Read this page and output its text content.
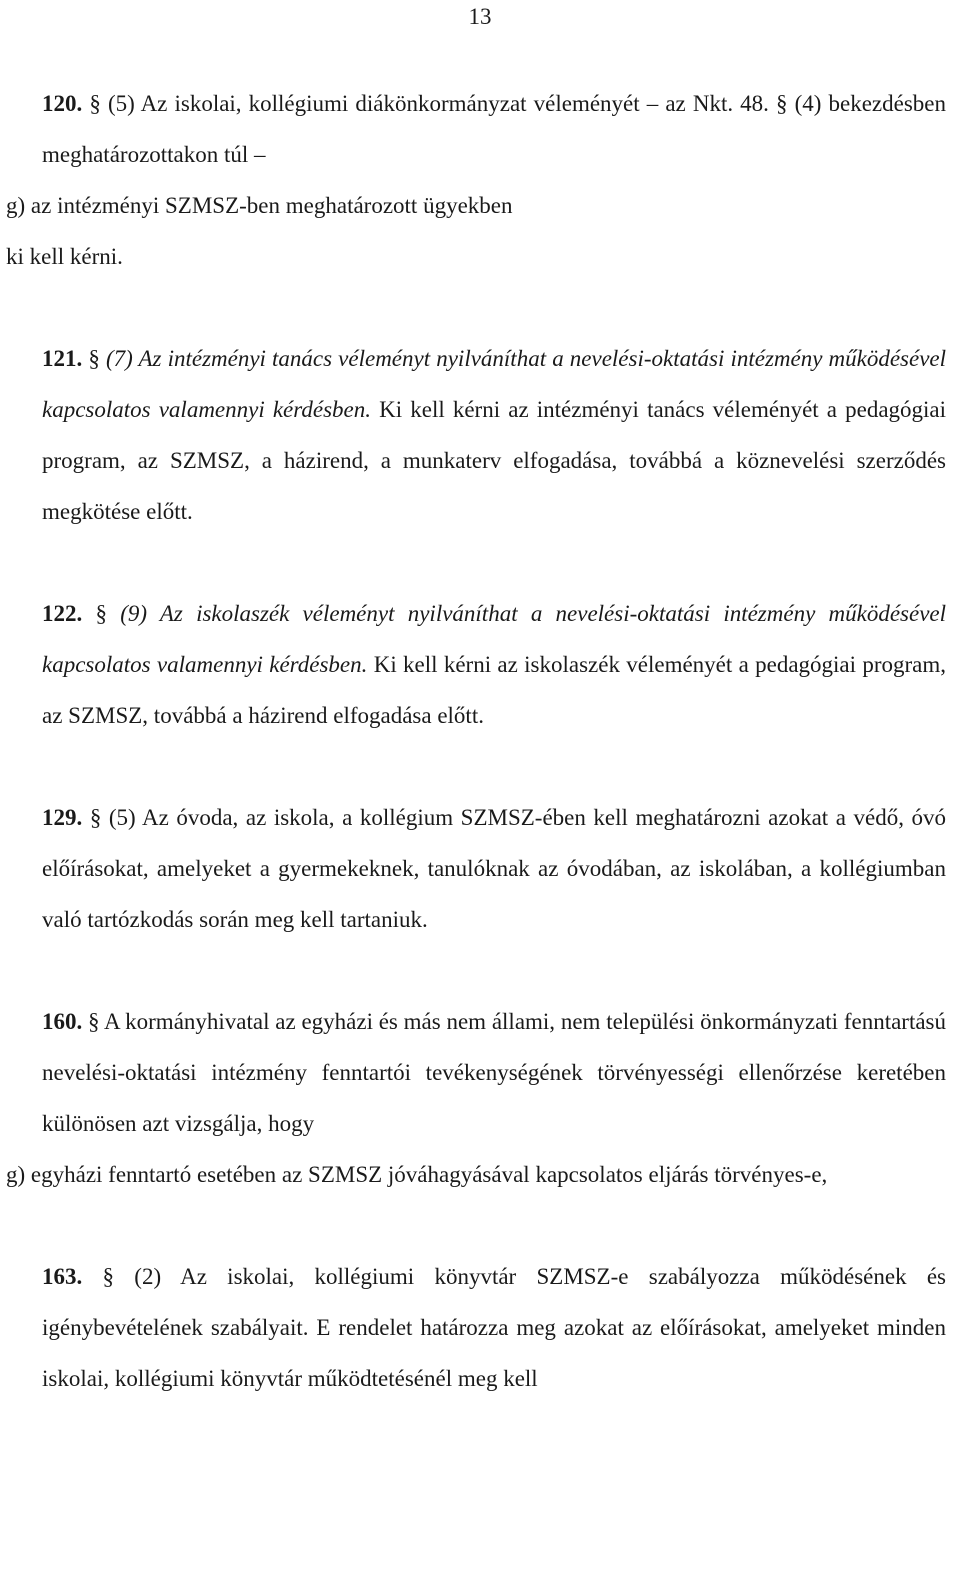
13
120. § (5) Az iskolai, kollégiumi diákönkormányzat véleményét – az Nkt. 48. § (4) bekezdésben meghatározottakon túl –
g) az intézményi SZMSZ-ben meghatározott ügyekben
ki kell kérni.
121. § (7) Az intézményi tanács véleményt nyilváníthat a nevelési-oktatási intézmény működésével kapcsolatos valamennyi kérdésben. Ki kell kérni az intézményi tanács véleményét a pedagógiai program, az SZMSZ, a házirend, a munkaterv elfogadása, továbbá a köznevelési szerződés megkötése előtt.
122. § (9) Az iskolaszék véleményt nyilváníthat a nevelési-oktatási intézmény működésével kapcsolatos valamennyi kérdésben. Ki kell kérni az iskolaszék véleményét a pedagógiai program, az SZMSZ, továbbá a házirend elfogadása előtt.
129. § (5) Az óvoda, az iskola, a kollégium SZMSZ-ében kell meghatározni azokat a védő, óvó előírásokat, amelyeket a gyermekeknek, tanulóknak az óvodában, az iskolában, a kollégiumban való tartózkodás során meg kell tartaniuk.
160. § A kormányhivatal az egyházi és más nem állami, nem települési önkormányzati fenntartású nevelési-oktatási intézmény fenntartói tevékenységének törvényességi ellenőrzése keretében különösen azt vizsgálja, hogy
g) egyházi fenntartó esetében az SZMSZ jóváhagyásával kapcsolatos eljárás törvényes-e,
163. § (2) Az iskolai, kollégiumi könyvtár SZMSZ-e szabályozza működésének és igénybevételének szabályait. E rendelet határozza meg azokat az előírásokat, amelyeket minden iskolai, kollégiumi könyvtár működtetésénél meg kell
